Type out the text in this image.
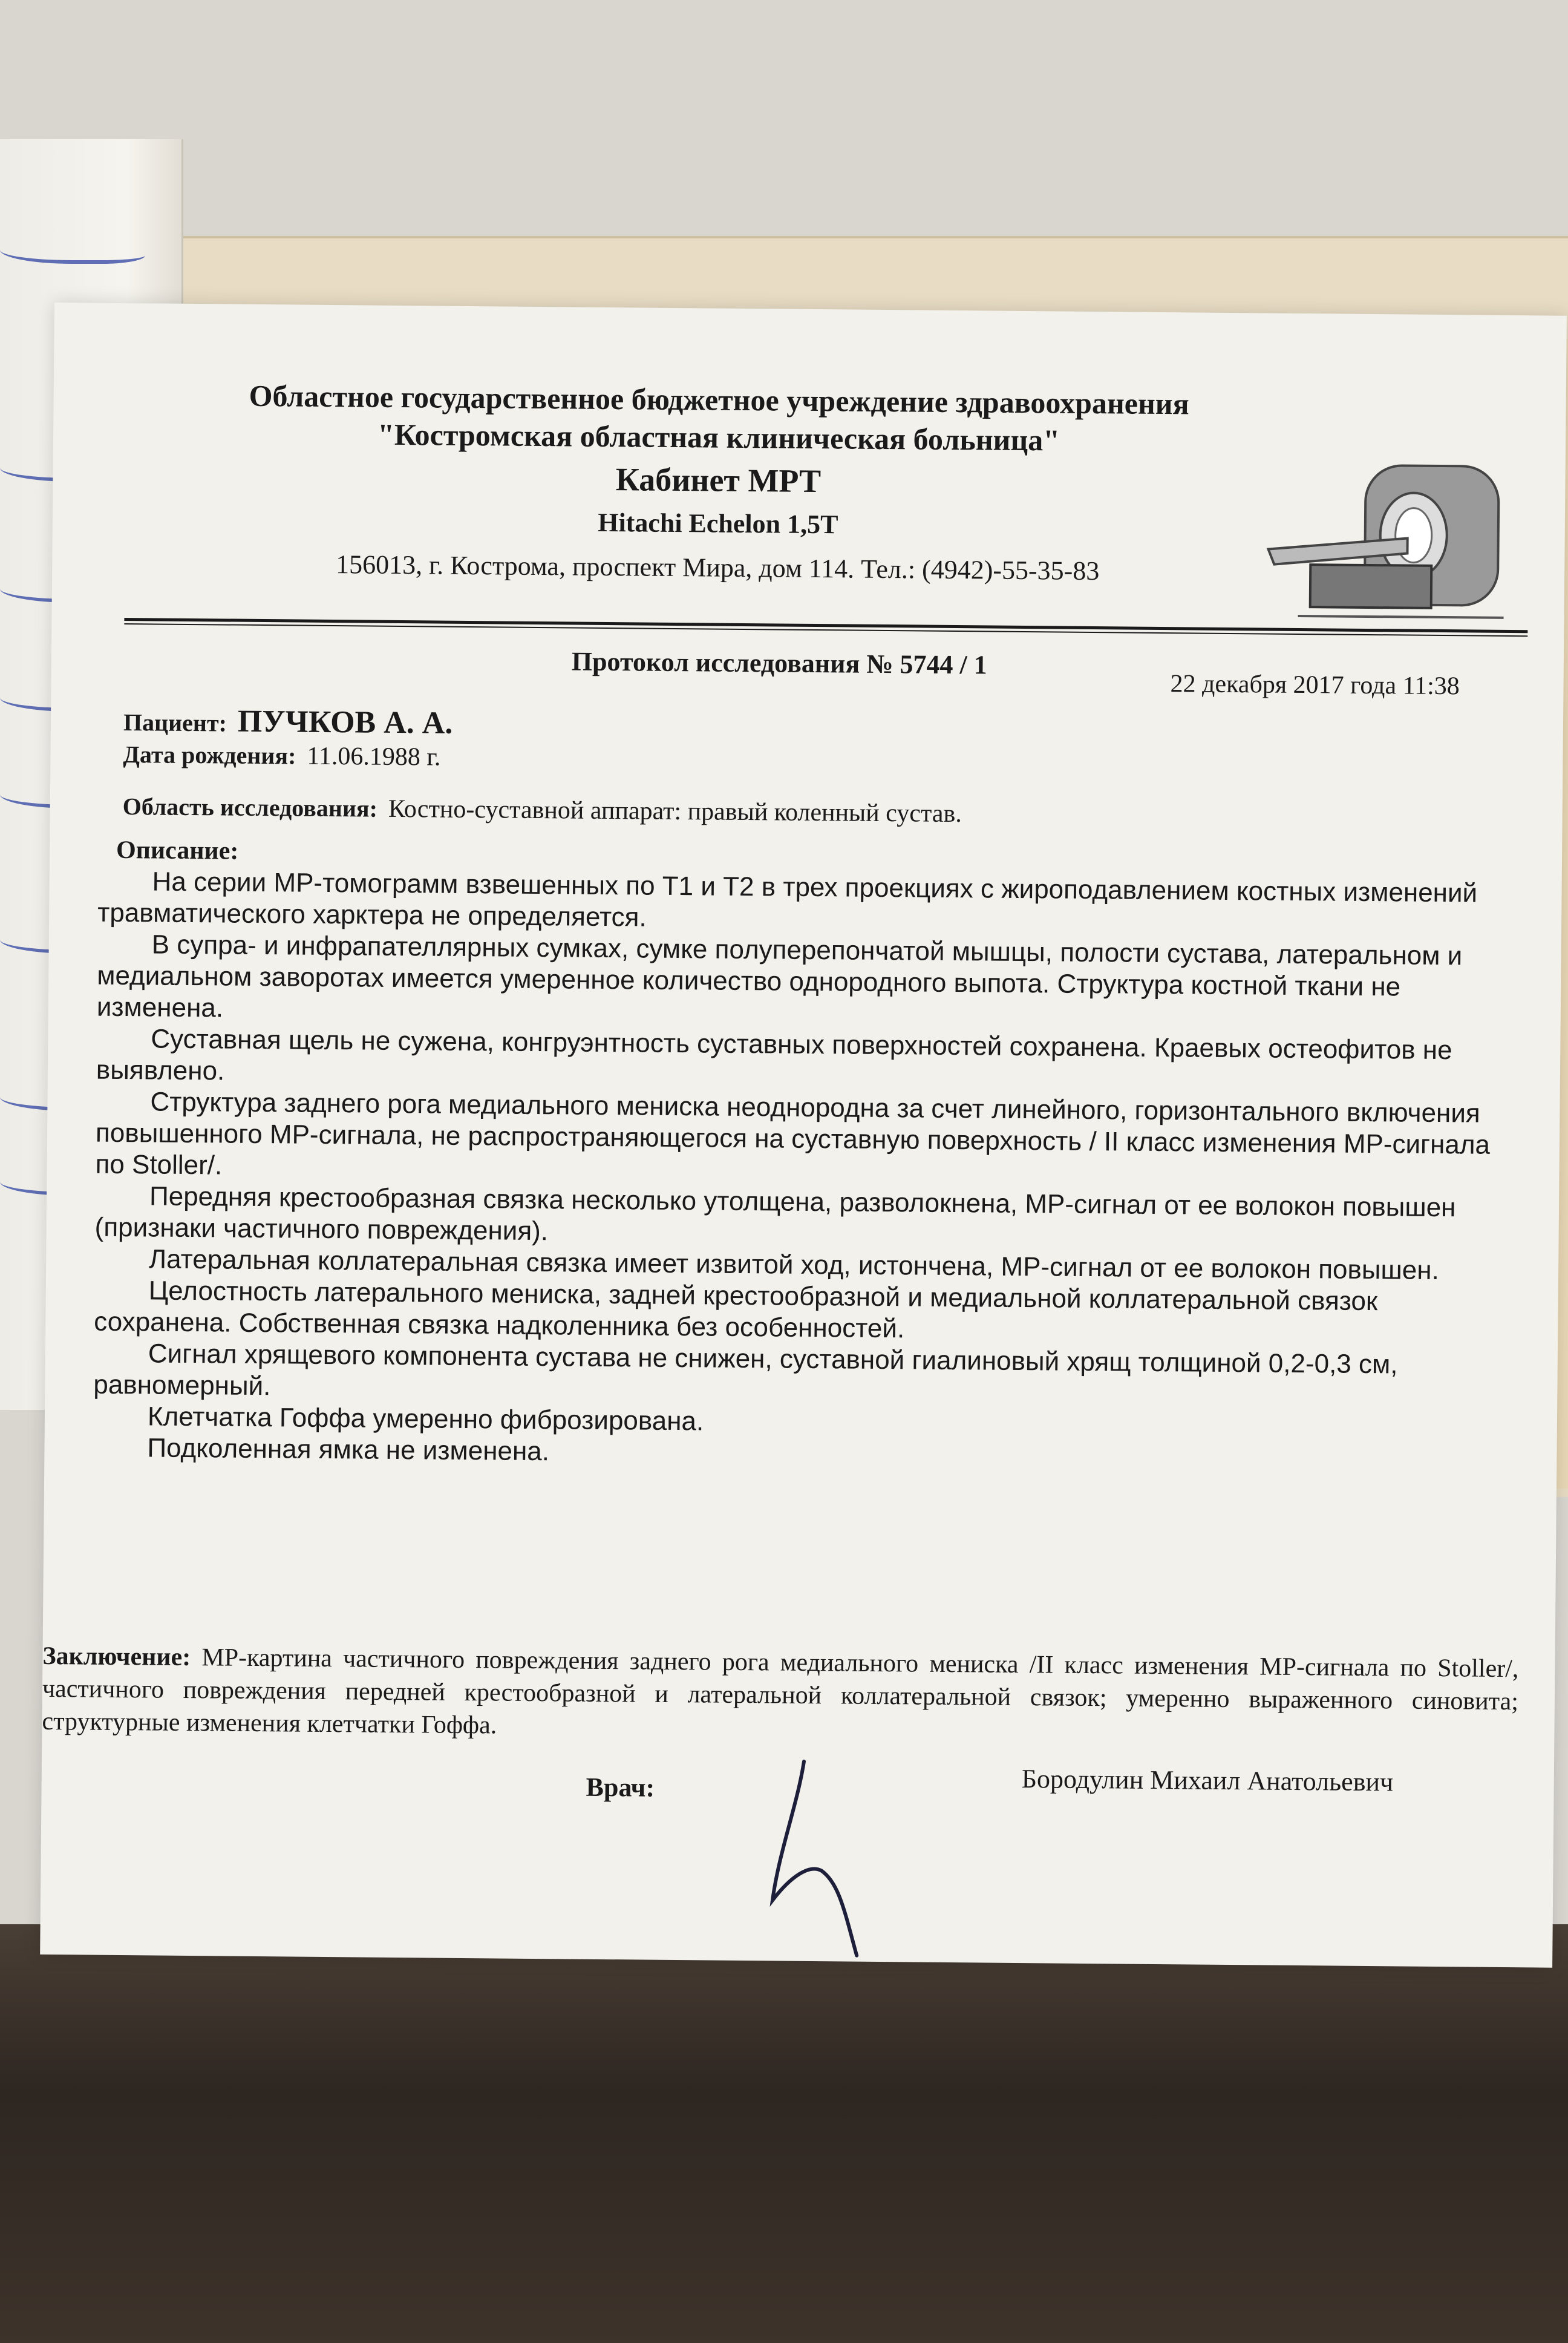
Областное государственное бюджетное учреждение здравоохранения
"Костромская областная клиническая больница"
Кабинет МРТ
Hitachi Echelon 1,5T
156013, г. Кострома, проспект Мира, дом 114. Тел.: (4942)-55-35-83
Протокол исследования № 5744 / 1
22 декабря 2017 года 11:38
Пациент: ПУЧКОВ А. А.
Дата рождения: 11.06.1988 г.
Область исследования: Костно-суставной аппарат: правый коленный сустав.
Описание:

На серии МР-томограмм взвешенных по Т1 и Т2 в трех проекциях с жироподавлением костных изменений травматического харктера не определяется.

В супра- и инфрапателлярных сумках, сумке полуперепончатой мышцы, полости сустава, латеральном и медиальном заворотах имеется умеренное количество однородного выпота. Структура костной ткани не изменена.

Суставная щель не сужена, конгруэнтность суставных поверхностей сохранена. Краевых остеофитов не выявлено.

Структура заднего рога медиального мениска неоднородна за счет линейного, горизонтального включения повышенного МР-сигнала, не распространяющегося на суставную поверхность / II класс изменения МР-сигнала по Stoller/.

Передняя крестообразная связка несколько утолщена, разволокнена, МР-сигнал от ее волокон повышен (признаки частичного повреждения).

Латеральная коллатеральная связка имеет извитой ход, истончена, МР-сигнал от ее волокон повышен.

Целостность латерального мениска, задней крестообразной и медиальной коллатеральной связок сохранена. Собственная связка надколенника без особенностей.

Сигнал хрящевого компонента сустава не снижен, суставной гиалиновый хрящ толщиной 0,2-0,3 см, равномерный.

Клетчатка Гоффа умеренно фиброзирована.

Подколенная ямка не изменена.

Заключение: МР-картина частичного повреждения заднего рога медиального мениска /II класс изменения МР-сигнала по Stoller/, частичного повреждения передней крестообразной и латеральной коллатеральной связок; умеренно выраженного синовита; структурные изменения клетчатки Гоффа.
Врач:	Бородулин Михаил Анатольевич
